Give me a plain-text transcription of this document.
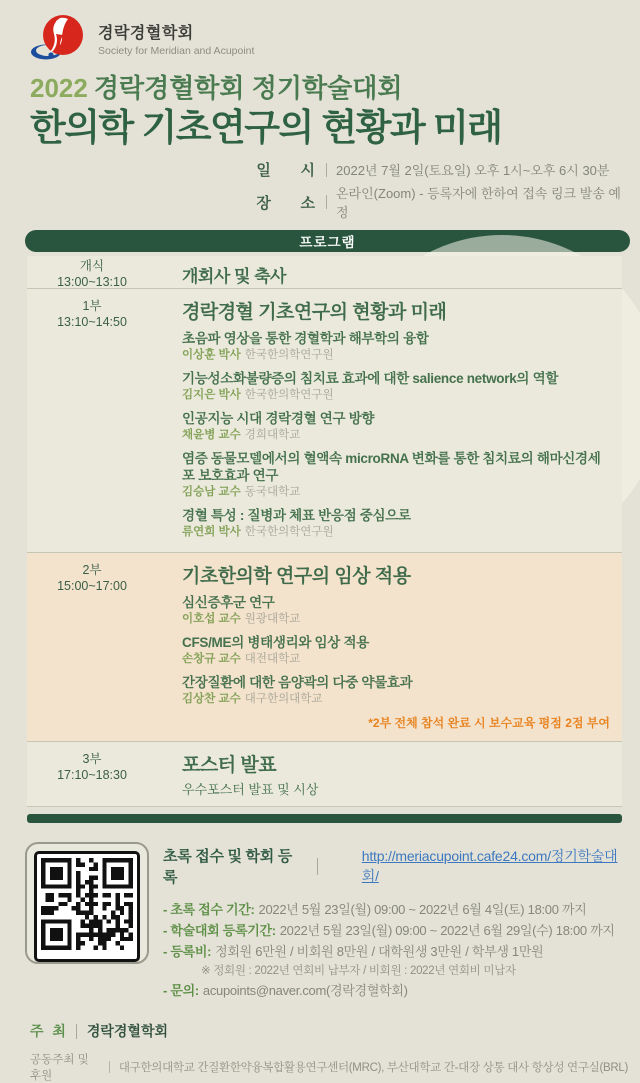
경락경혈학회
Society for Meridian and Acupoint
2022 경락경혈학회 정기학술대회
한의학 기초연구의 현황과 미래
일 시 2022년 7월 2일(토요일) 오후 1시~오후 6시 30분
장 소
온라인(Zoom) - 등록자에 한하여 접속 링크 발송 예정
프로그램
개식
13:00~13:10	개회사 및 축사
1부
13:10~14:50	경락경혈 기초연구의 현황과 미래
초음파 영상을 통한 경혈학과 해부학의 융합
이상훈 박사 한국한의학연구원
기능성소화불량증의 침치료 효과에 대한 salience network의 역할
김지은 박사 한국한의학연구원
인공지능 시대 경락경혈 연구 방향
채윤병 교수 경희대학교
염증 동물모델에서의 혈액속 microRNA 변화를 통한 침치료의 해마신경세포 보호효과 연구
김승남 교수 동국대학교
경혈 특성 : 질병과 체표 반응점 중심으로
류연희 박사 한국한의학연구원
2부
15:00~17:00	기초한의학 연구의 임상 적용
심신증후군 연구
이호섭 교수 원광대학교
CFS/ME의 병태생리와 임상 적용
손창규 교수 대전대학교
간장질환에 대한 음양곽의 다중 약물효과
김상찬 교수 대구한의대학교
*2부 전체 참석 완료 시 보수교육 평점 2점 부여
3부
17:10~18:30	포스터 발표
우수포스터 발표 및 시상
초록 접수 및 학회 등록
http://meriacupoint.cafe24.com/정기학술대회/
- 초록 접수 기간: 2022년 5월 23일(월) 09:00 ~ 2022년 6월 4일(토) 18:00 까지
- 학술대회 등록기간: 2022년 5월 23일(월) 09:00 ~ 2022년 6월 29일(수) 18:00 까지
- 등록비: 정회원 6만원 / 비회원 8만원 / 대학원생 3만원 / 학부생 1만원
※ 정회원 : 2022년 연회비 납부자 / 비회원 : 2022년 연회비 미납자
- 문의: acupoints@naver.com(경락경혈학회)
주 최 경락경혈학회
공동주최 및 후원
대구한의대학교 간질환한약융복합활용연구센터(MRC), 부산대학교 간-대장 상통 대사 항상성 연구실(BRL)
